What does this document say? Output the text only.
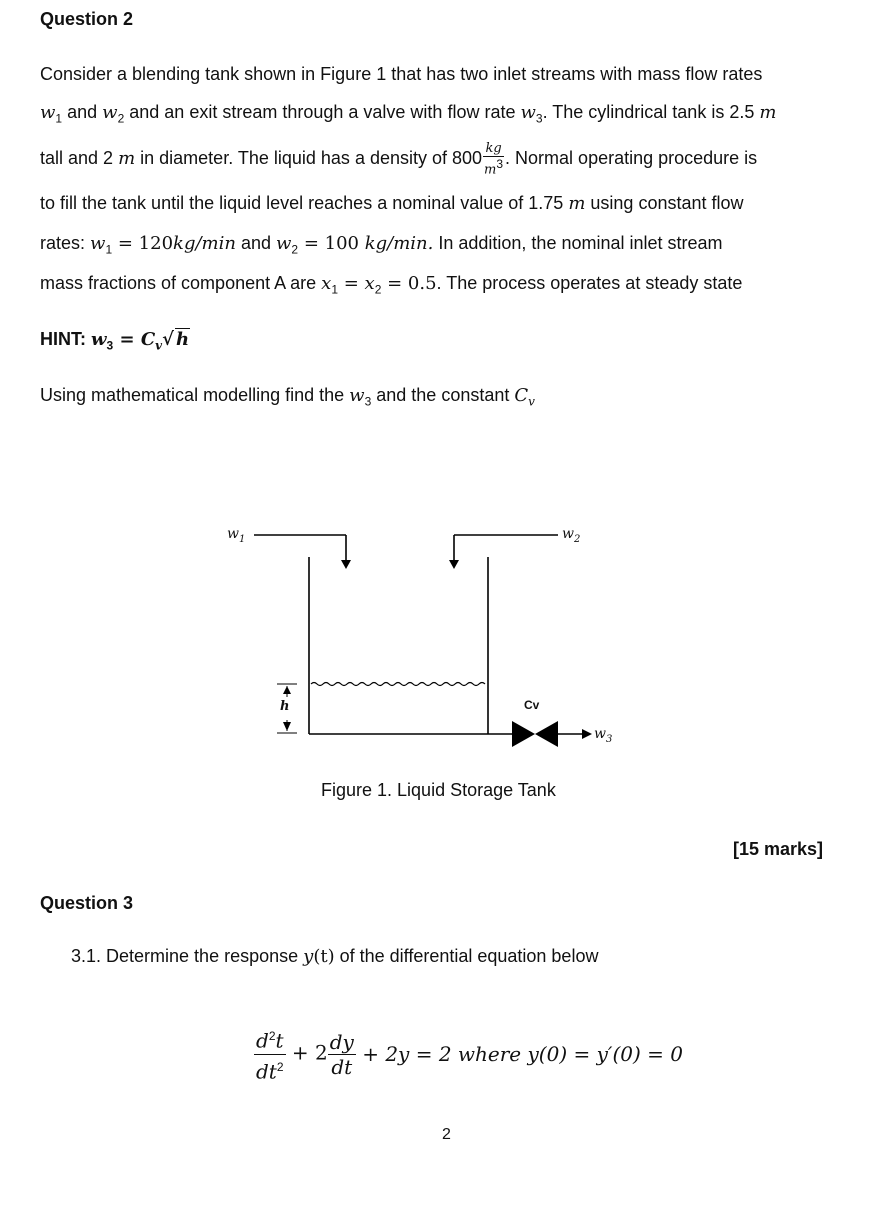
Question 2
Consider a blending tank shown in Figure 1 that has two inlet streams with mass flow rates
$w_1$ and $w_2$ and an exit stream through a valve with flow rate $w_3$. The cylindrical tank is 2.5 m
tall and 2 m in diameter. The liquid has a density of $800 \frac{kg}{m^3}$ . Normal operating procedure is
to fill the tank until the liquid level reaches a nominal value of 1.75 m using constant flow
rates: $w_1 = 120kg/\min$ and $w_2 = 100$ kg/min. In addition, the nominal inlet stream
mass fractions of component A are $x_1 = x_2 = 0.5$. The process operates at steady state
HINT: $w_3 = C_v√$ h
Using mathematical modelling find the $w_3$ and the constant $C_v$
$w_1$	$w_2$
$w_3$
h	Cv
Figure 1. Liquid Storage Tank
[15 marks]
Question 3
3.1. Determine the response y(t) of the differential equation below
$\frac{d^2t}{dt^2} + 2 \frac{dy}{dt} + 2y = 2$ where y(0) = y′(0) = 0
2
